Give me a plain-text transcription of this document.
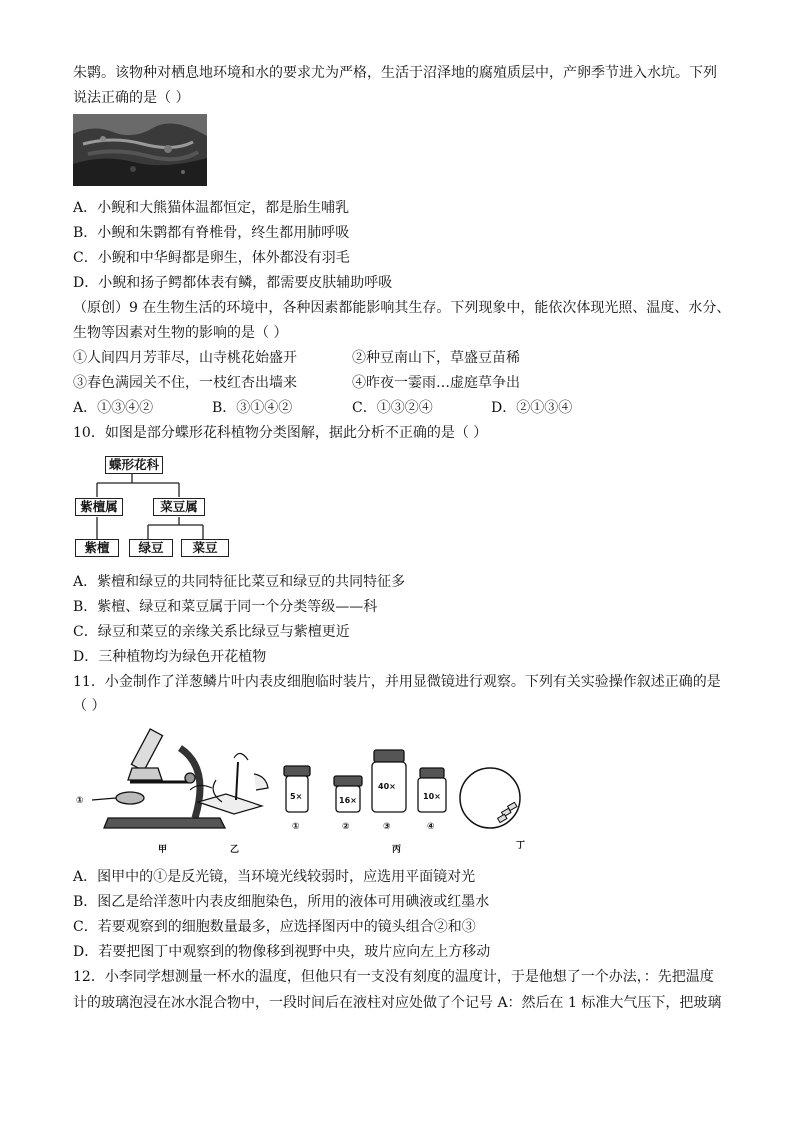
朱鹮。该物种对栖息地环境和水的要求尤为严格，生活于沼泽地的腐殖质层中，产卵季节进入水坑。下列
说法正确的是（ ）
A．小鲵和大熊猫体温都恒定，都是胎生哺乳
B．小鲵和朱鹮都有脊椎骨，终生都用肺呼吸
C．小鲵和中华鲟都是卵生，体外都没有羽毛
D．小鲵和扬子鳄都体表有鳞，都需要皮肤辅助呼吸
（原创）9 在生物生活的环境中，各种因素都能影响其生存。下列现象中，能依次体现光照、温度、水分、
生物等因素对生物的影响的是（ ）
①人间四月芳菲尽，山寺桃花始盛开	②种豆南山下，草盛豆苗稀
③春色满园关不住，一枝红杏出墙来	④昨夜一霎雨…虚庭草争出
A．①③④②	B．③①④②	C．①③②④	D．②①③④
10．如图是部分蝶形花科植物分类图解，据此分析不正确的是（ ）
蝶形花科
紫檀属	菜豆属
紫檀	绿豆	菜豆
A．紫檀和绿豆的共同特征比菜豆和绿豆的共同特征多
B．紫檀、绿豆和菜豆属于同一个分类等级——科
C．绿豆和菜豆的亲缘关系比绿豆与紫檀更近
D．三种植物均为绿色开花植物
11．小金制作了洋葱鳞片叶内表皮细胞临时装片，并用显微镜进行观察。下列有关实验操作叙述正确的是
（ ）
①	5×	16×
40×
10×
①	②	③	④
甲	乙	丙	丁
A．图甲中的①是反光镜，当环境光线较弱时，应选用平面镜对光
B．图乙是给洋葱叶内表皮细胞染色，所用的液体可用碘液或红墨水
C．若要观察到的细胞数量最多，应选择图丙中的镜头组合②和③
D．若要把图丁中观察到的物像移到视野中央，玻片应向左上方移动
12．小李同学想测量一杯水的温度，但他只有一支没有刻度的温度计，于是他想了一个办法，：先把温度
计的玻璃泡浸在冰水混合物中，一段时间后在液柱对应处做了个记号 A：然后在 1 标准大气压下，把玻璃
